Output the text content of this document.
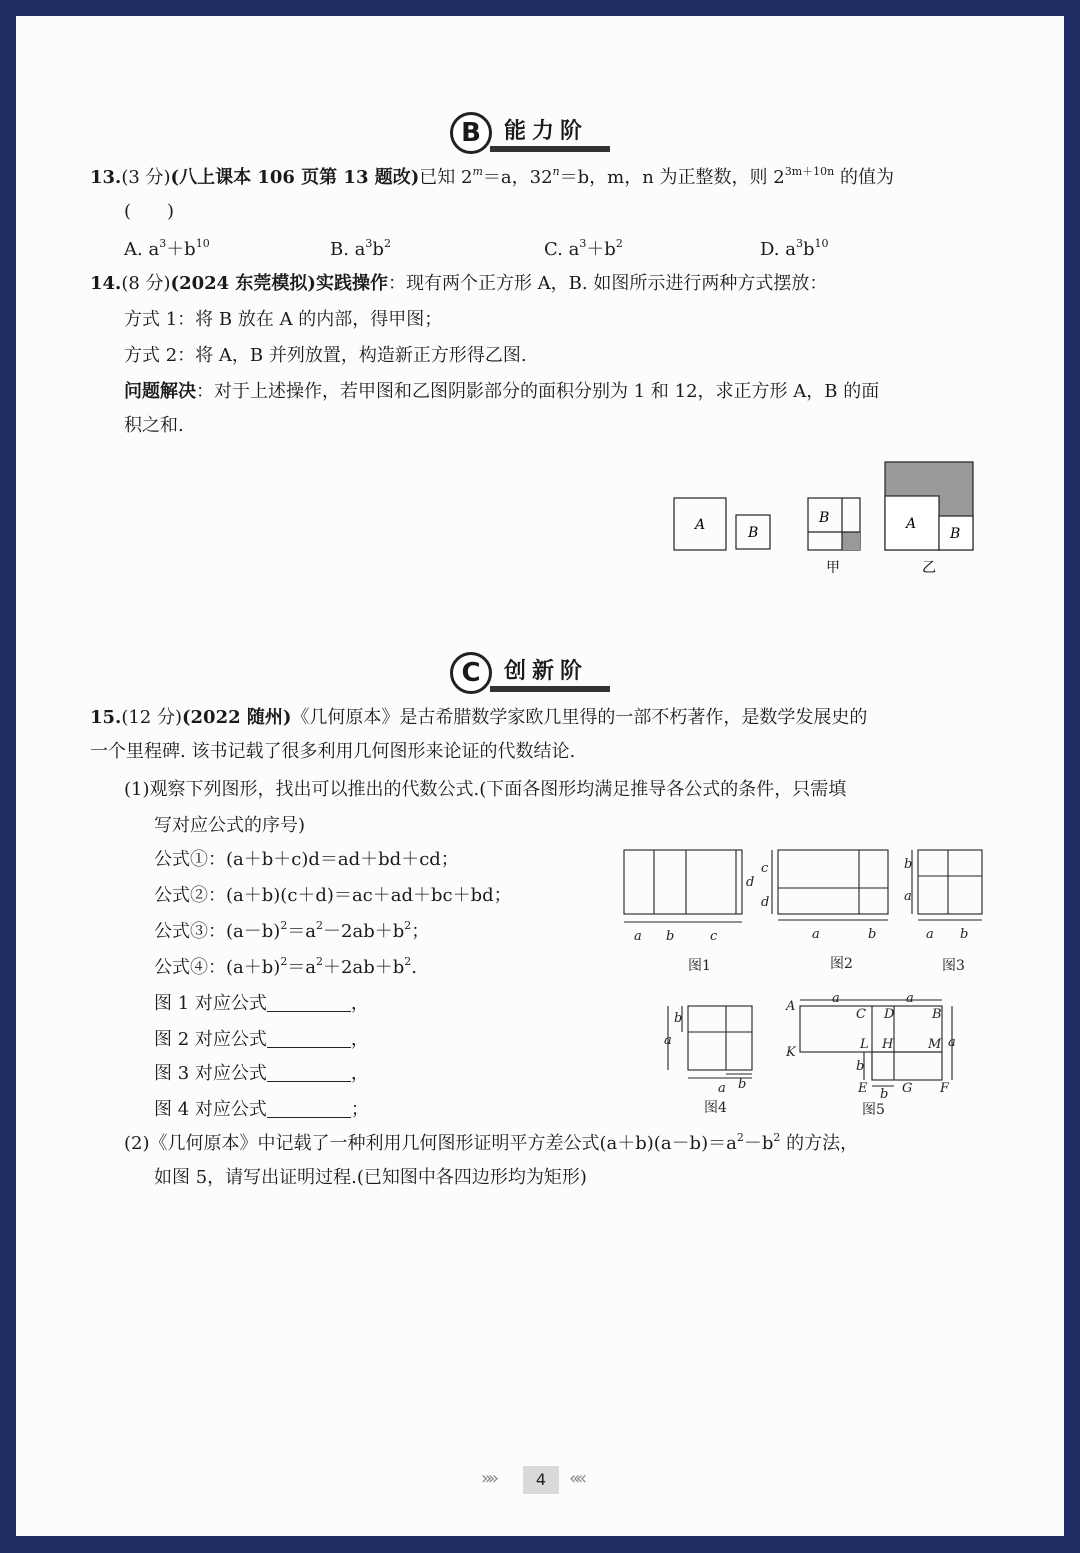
B	能力阶
13.(3 分)(八上课本 106 页第 13 题改)已知 $2^m=a$，$32^n=b$，m，n 为正整数，则 $2^{3m+10n}$ 的值为
(　　)
A. $a^3+b^{10}$	B. $a^3b^2$	C. $a^3+b^2$	D. $a^3b^{10}$
14.(8 分)(2024 东莞模拟)实践操作：现有两个正方形 A，B. 如图所示进行两种方式摆放：
方式 1：将 B 放在 A 的内部，得甲图；
方式 2：将 A，B 并列放置，构造新正方形得乙图.
问题解决：对于上述操作，若甲图和乙图阴影部分的面积分别为 1 和 12，求正方形 A，B 的面
积之和.
A	B
B	A
B
甲	乙
C	创新阶
15.(12 分)(2022 随州)《几何原本》是古希腊数学家欧几里得的一部不朽著作，是数学发展史的
一个里程碑. 该书记载了很多利用几何图形来论证的代数结论.
(1)观察下列图形，找出可以推出的代数公式.(下面各图形均满足推导各公式的条件，只需填
写对应公式的序号)
公式①：(a＋b＋c)d＝ad＋bd＋cd；
公式②：(a＋b)(c＋d)＝ac＋ad＋bc＋bd；
公式③：$(a-b)^2=a^2-2ab+b^2$；
公式④：$(a+b)^2=a^2+2ab+b^2$.
图 1 对应公式	，
图 2 对应公式	，
图 3 对应公式	，
图 4 对应公式	；
(2)《几何原本》中记载了一种利用几何图形证明平方差公式$(a+b)(a-b)=a^2-b^2$ 的方法，
如图 5，请写出证明过程.(已知图中各四边形均为矩形)
a b	c
d
a	b
c
d
b
a
a b
b
a
a b
a	a
a
b
b
A
B
C D
E	F
G
H
K
L	M
图1	图2	图3
图4	图5
»»	4	««
